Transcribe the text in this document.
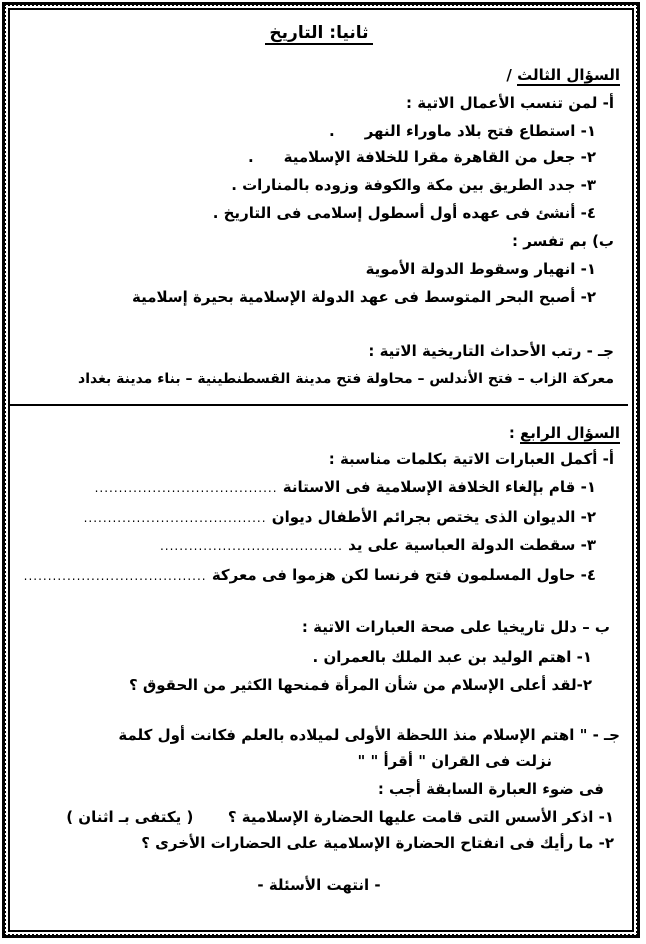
ثانيا: التاريخ
السؤال الثالث /
أ- لمن تنسب الأعمال الاتية :
١- استطاع فتح بلاد ماوراء النهر.
٢- جعل من القاهرة مقرا للخلافة الإسلامية.
٣- جدد الطريق بين مكة والكوفة وزوده بالمنارات .
٤- أنشئ فى عهده أول أسطول إسلامى فى التاريخ .
ب) بم تفسر :
١- انهيار وسقوط الدولة الأموية
٢- أصبح البحر المتوسط فى عهد الدولة الإسلامية بحيرة إسلامية
جـ - رتب الأحداث التاريخية الاتية :
معركة الزاب – فتح الأندلس – محاولة فتح مدينة القسطنطينية – بناء مدينة بغداد
السؤال الرابع :
أ- أكمل العبارات الاتية بكلمات مناسبة :
١- قام بإلغاء الخلافة الإسلامية فى الاستانة ......................................
٢- الديوان الذى يختص بجرائم الأطفال ديوان ......................................
٣- سقطت الدولة العباسية على يد ......................................
٤- حاول المسلمون فتح فرنسا لكن هزموا فى معركة ......................................
ب – دلل تاريخيا على صحة العبارات الاتية :
١- اهتم الوليد بن عبد الملك بالعمران .
٢-لقد أعلى الإسلام من شأن المرأة فمنحها الكثير من الحقوق ؟
جـ - " اهتم الإسلام منذ اللحظة الأولى لميلاده بالعلم فكانت أول كلمة
نزلت فى القران " أقرأ " "
فى ضوء العبارة السابقة أجب :
١- اذكر الأسس التى قامت عليها الحضارة الإسلامية ؟  ( يكتفى بـ اثنان )
٢- ما رأيك فى انفتاح الحضارة الإسلامية على الحضارات الأخرى ؟
- انتهت الأسئلة -
